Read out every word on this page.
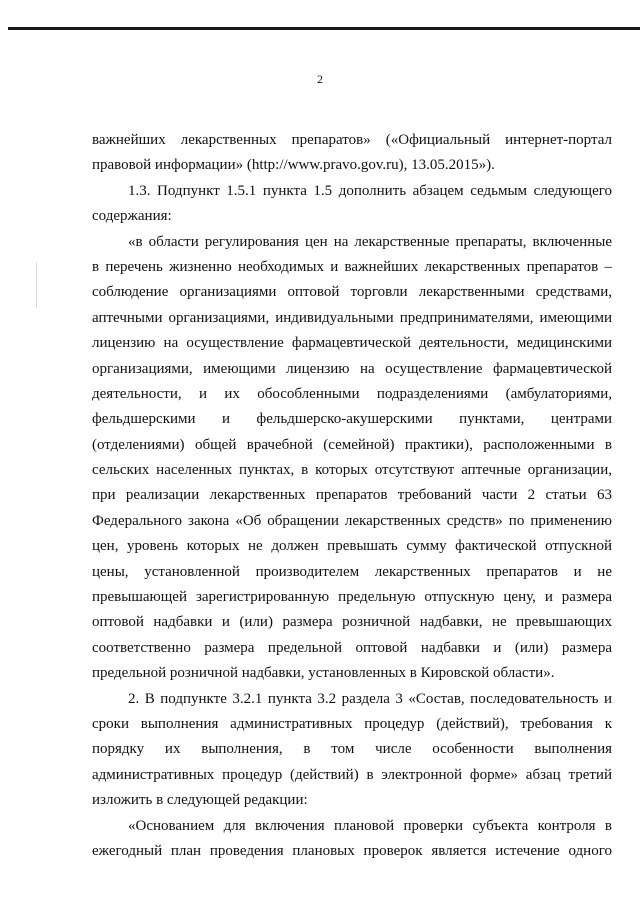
2
важнейших лекарственных препаратов» («Официальный интернет-портал
правовой информации» (http://www.pravo.gov.ru), 13.05.2015»).
1.3. Подпункт 1.5.1 пункта 1.5 дополнить абзацем седьмым следующего
содержания:
«в области регулирования цен на лекарственные препараты, включенные
в перечень жизненно необходимых и важнейших лекарственных препаратов –
соблюдение организациями оптовой торговли лекарственными средствами,
аптечными организациями, индивидуальными предпринимателями, имеющими
лицензию на осуществление фармацевтической деятельности, медицинскими
организациями, имеющими лицензию на осуществление фармацевтической
деятельности, и их обособленными подразделениями (амбулаториями,
фельдшерскими и фельдшерско-акушерскими пунктами, центрами
(отделениями) общей врачебной (семейной) практики), расположенными в
сельских населенных пунктах, в которых отсутствуют аптечные организации,
при реализации лекарственных препаратов требований части 2 статьи 63
Федерального закона «Об обращении лекарственных средств» по применению
цен, уровень которых не должен превышать сумму фактической отпускной
цены, установленной производителем лекарственных препаратов и не
превышающей зарегистрированную предельную отпускную цену, и размера
оптовой надбавки и (или) размера розничной надбавки, не превышающих
соответственно размера предельной оптовой надбавки и (или) размера
предельной розничной надбавки, установленных в Кировской области».
2. В подпункте 3.2.1 пункта 3.2 раздела 3 «Состав, последовательность и
сроки выполнения административных процедур (действий), требования к
порядку их выполнения, в том числе особенности выполнения
административных процедур (действий) в электронной форме» абзац третий
изложить в следующей редакции:
«Основанием для включения плановой проверки субъекта контроля в
ежегодный план проведения плановых проверок является истечение одного
